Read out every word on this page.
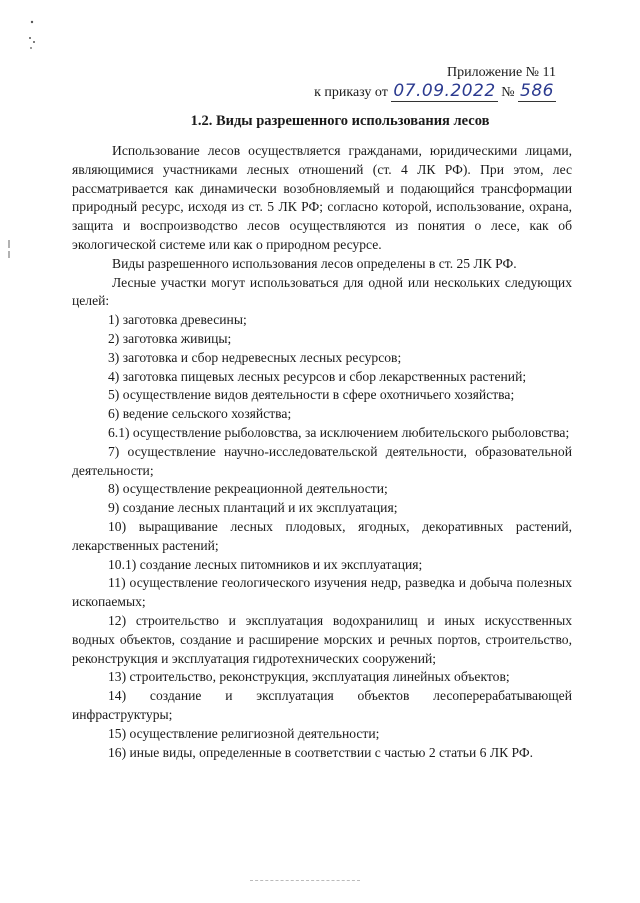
Приложение № 11
к приказу от 07.09.2022 № 586
1.2. Виды разрешенного использования лесов

Использование лесов осуществляется гражданами, юридическими лицами, являющимися участниками лесных отношений (ст. 4 ЛК РФ). При этом, лес рассматривается как динамически возобновляемый и подающийся трансформации природный ресурс, исходя из ст. 5 ЛК РФ; согласно которой, использование, охрана, защита и воспроизводство лесов осуществляются из понятия о лесе, как об экологической системе или как о природном ресурсе.

Виды разрешенного использования лесов определены в ст. 25 ЛК РФ.

Лесные участки могут использоваться для одной или нескольких следующих целей:

1) заготовка древесины;

2) заготовка живицы;

3) заготовка и сбор недревесных лесных ресурсов;

4) заготовка пищевых лесных ресурсов и сбор лекарственных растений;

5) осуществление видов деятельности в сфере охотничьего хозяйства;

6) ведение сельского хозяйства;

6.1) осуществление рыболовства, за исключением любительского рыболовства;

7) осуществление научно-исследовательской деятельности, образовательной деятельности;

8) осуществление рекреационной деятельности;

9) создание лесных плантаций и их эксплуатация;

10) выращивание лесных плодовых, ягодных, декоративных растений, лекарственных растений;

10.1) создание лесных питомников и их эксплуатация;

11) осуществление геологического изучения недр, разведка и добыча полезных ископаемых;

12) строительство и эксплуатация водохранилищ и иных искусственных водных объектов, создание и расширение морских и речных портов, строительство, реконструкция и эксплуатация гидротехнических сооружений;

13) строительство, реконструкция, эксплуатация линейных объектов;

14) создание и эксплуатация объектов лесоперерабатывающей инфраструктуры;

15) осуществление религиозной деятельности;

16) иные виды, определенные в соответствии с частью 2 статьи 6 ЛК РФ.
